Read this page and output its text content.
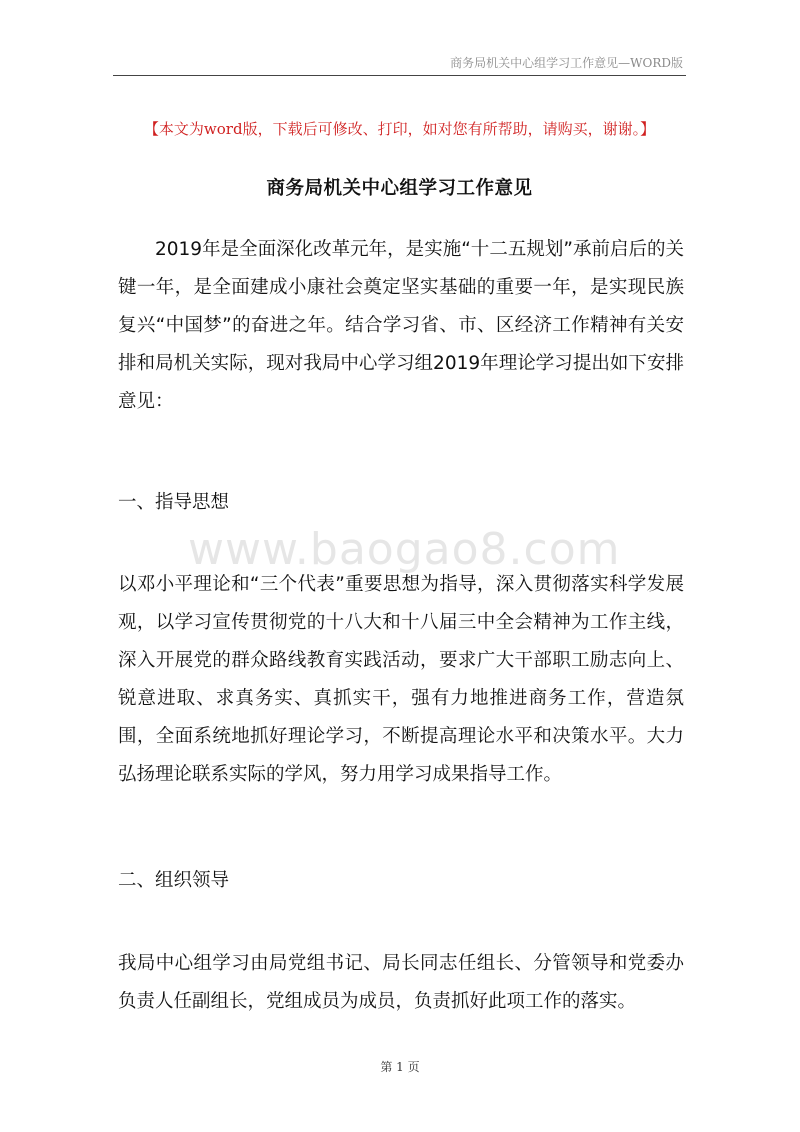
商务局机关中心组学习工作意见—WORD版
【本文为word版，下载后可修改、打印，如对您有所帮助，请购买，谢谢。】
商务局机关中心组学习工作意见

2019年是全面深化改革元年，是实施“十二五规划”承前启后的关键一年，是全面建成小康社会奠定坚实基础的重要一年，是实现民族复兴“中国梦”的奋进之年。结合学习省、市、区经济工作精神有关安排和局机关实际，现对我局中心学习组2019年理论学习提出如下安排意见：

一、指导思想

www.baogao8.com

以邓小平理论和“三个代表”重要思想为指导，深入贯彻落实科学发展观，以学习宣传贯彻党的十八大和十八届三中全会精神为工作主线，深入开展党的群众路线教育实践活动，要求广大干部职工励志向上、锐意进取、求真务实、真抓实干，强有力地推进商务工作，营造氛围，全面系统地抓好理论学习，不断提高理论水平和决策水平。大力弘扬理论联系实际的学风，努力用学习成果指导工作。

二、组织领导

我局中心组学习由局党组书记、局长同志任组长、分管领导和党委办负责人任副组长，党组成员为成员，负责抓好此项工作的落实。

第 1 页
